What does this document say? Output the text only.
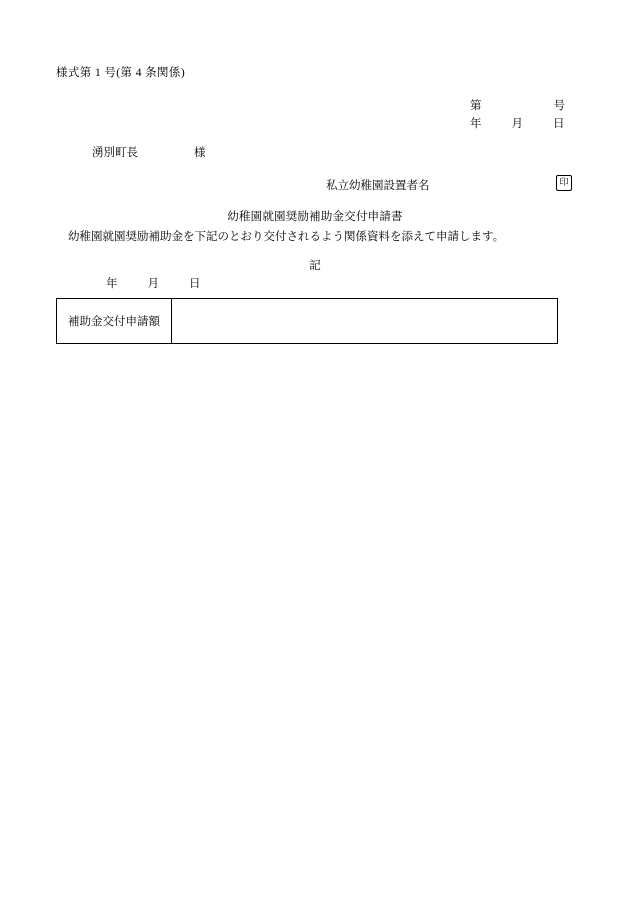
様式第 1 号(第 4 条関係)
第	号
年	月	日
湧別町長	様
私立幼稚園設置者名	印
幼稚園就園奨励補助金交付申請書
幼稚園就園奨励補助金を下記のとおり交付されるよう関係資料を添えて申請します。
記
年	月	日
補助金交付申請額	
